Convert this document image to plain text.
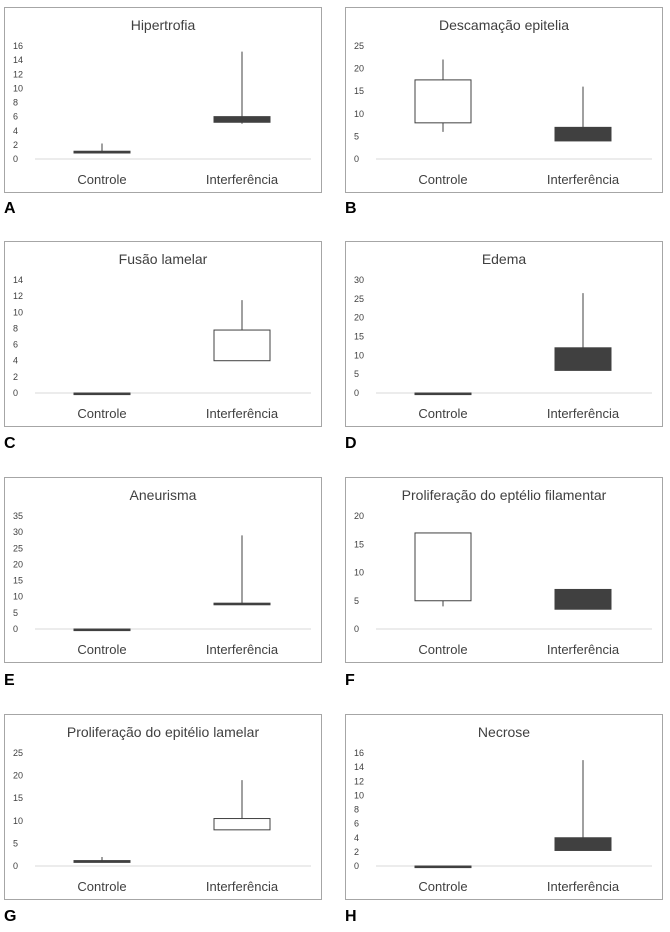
Hipertrofia
0
2
4
6
8
10
12
14
16
Controle	Interferência
A
Descamação epitelia
0
5
10
15
20
25
Controle	Interferência
B
Fusão lamelar
0
2
4
6
8
10
12
14
Controle	Interferência
C
Edema
0
5
10
15
20
25
30
Controle	Interferência
D
Aneurisma
0
5
10
15
20
25
30
35
Controle	Interferência
E
Proliferação do eptélio filamentar
0
5
10
15
20
Controle	Interferência
F
Proliferação do epitélio lamelar
0
5
10
15
20
25
Controle	Interferência
G
Necrose
0
2
4
6
8
10
12
14
16
Controle	Interferência
H
